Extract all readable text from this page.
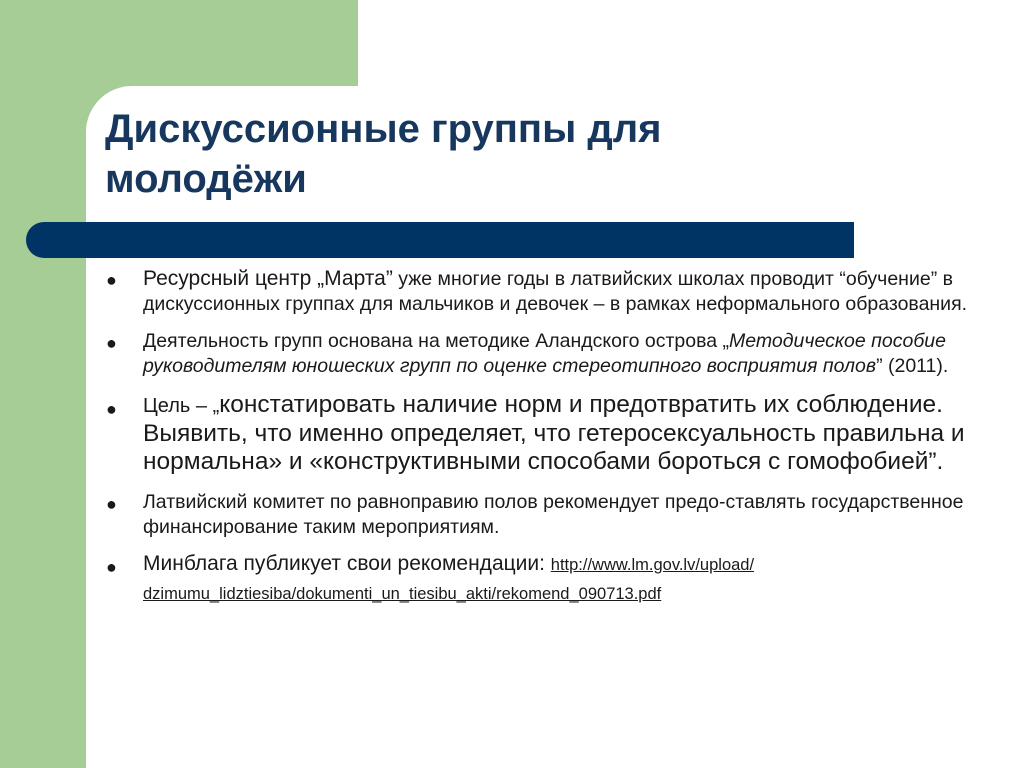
Дискуссионные группы для
молодёжи
● Ресурсный центр „Марта” уже многие годы в латвийских школах проводит “обучение” в дискуссионных группах для мальчиков и девочек – в рамках неформального образования.
● Деятельность групп основана на методике Аландского острова „Методическое пособие руководителям юношеских групп по оценке стереотипного восприятия полов” (2011).
● Цель – „констатировать наличие норм и предотвратить их соблюдение. Выявить, что именно определяет, что гетеросексуальность правильна и нормальна» и «конструктивными способами бороться с гомофобией”.
● Латвийский комитет по равноправию полов рекомендует предо-ставлять государственное финансирование таким мероприятиям.
● Минблага публикует свои рекомендации: http://www.lm.gov.lv/upload/
dzimumu_lidztiesiba/dokumenti_un_tiesibu_akti/rekomend_090713.pdf
